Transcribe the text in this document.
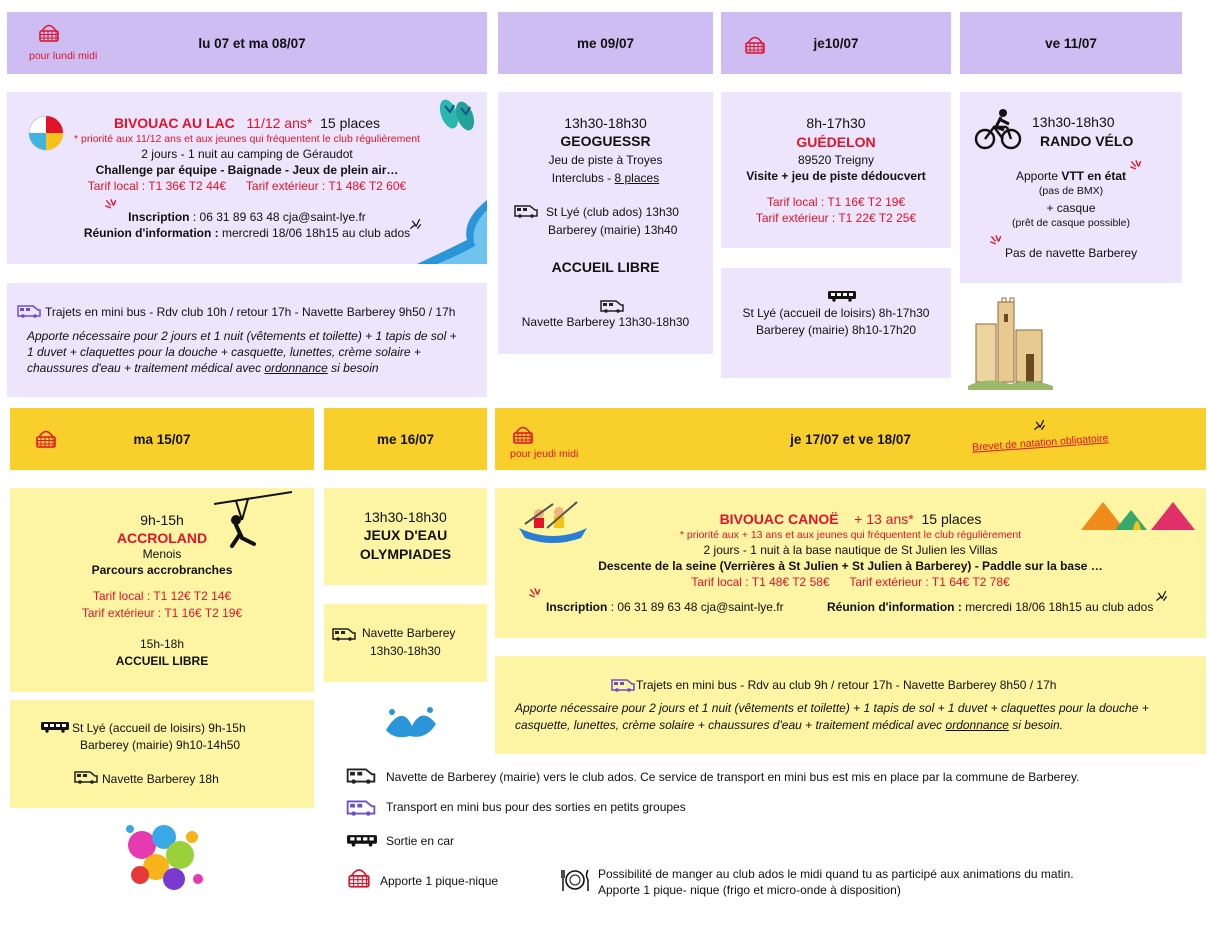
pour lundi midi
lu 07 et ma 08/07	me 09/07	je10/07	ve 11/07
BIVOUAC AU LAC 11/12 ans* 15 places
* priorité aux 11/12 ans et aux jeunes qui fréquentent le club régulièrement
2 jours - 1 nuit au camping de Géraudot
Challenge par équipe - Baignade - Jeux de plein air…
Tarif local : T1 36€ T2 44€ Tarif extérieur : T1 48€ T2 60€
Inscription : 06 31 89 63 48 cja@saint-lye.fr
Réunion d'information : mercredi 18/06 18h15 au club ados
Trajets en mini bus - Rdv club 10h / retour 17h - Navette Barberey 9h50 / 17h
Apporte nécessaire pour 2 jours et 1 nuit (vêtements et toilette) + 1 tapis de sol +
1 duvet + claquettes pour la douche + casquette, lunettes, crème solaire +
chaussures d'eau + traitement médical avec ordonnance si besoin
13h30-18h30
GEOGUESSR
Jeu de piste à Troyes
Interclubs - 8 places
St Lyé (club ados) 13h30
Barberey (mairie) 13h40
ACCUEIL LIBRE
Navette Barberey 13h30-18h30
8h-17h30
GUÉDELON
89520 Treigny
Visite + jeu de piste dédoucvert
Tarif local : T1 16€ T2 19€
Tarif extérieur : T1 22€ T2 25€
St Lyé (accueil de loisirs) 8h-17h30
Barberey (mairie) 8h10-17h20
13h30-18h30
RANDO VÉLO
Apporte VTT en état
(pas de BMX)
+ casque
(prêt de casque possible)
Pas de navette Barberey
ma 15/07	me 16/07
pour jeudi midi
je 17/07 et ve 18/07	Brevet de natation obligatoire
9h-15h
ACCROLAND
Menois
Parcours accrobranches
Tarif local : T1 12€ T2 14€
Tarif extérieur : T1 16€ T2 19€
15h-18h
ACCUEIL LIBRE
St Lyé (accueil de loisirs) 9h-15h
Barberey (mairie) 9h10-14h50
Navette Barberey 18h
13h30-18h30
JEUX D'EAU
OLYMPIADES
Navette Barberey
13h30-18h30
BIVOUAC CANOË + 13 ans* 15 places
* priorité aux + 13 ans et aux jeunes qui fréquentent le club régulièrement
2 jours - 1 nuit à la base nautique de St Julien les Villas
Descente de la seine (Verrières à St Julien + St Julien à Barberey) - Paddle sur la base …
Tarif local : T1 48€ T2 58€ Tarif extérieur : T1 64€ T2 78€
Inscription : 06 31 89 63 48 cja@saint-lye.fr	Réunion d'information : mercredi 18/06 18h15 au club ados
Trajets en mini bus - Rdv au club 9h / retour 17h - Navette Barberey 8h50 / 17h
Apporte nécessaire pour 2 jours et 1 nuit (vêtements et toilette) + 1 tapis de sol + 1 duvet + claquettes pour la douche +
casquette, lunettes, crème solaire + chaussures d'eau + traitement médical avec ordonnance si besoin.
Navette de Barberey (mairie) vers le club ados. Ce service de transport en mini bus est mis en place par la commune de Barberey.
Transport en mini bus pour des sorties en petits groupes
Sortie en car
Apporte 1 pique-nique	Possibilité de manger au club ados le midi quand tu as participé aux animations du matin.
Apporte 1 pique- nique (frigo et micro-onde à disposition)
